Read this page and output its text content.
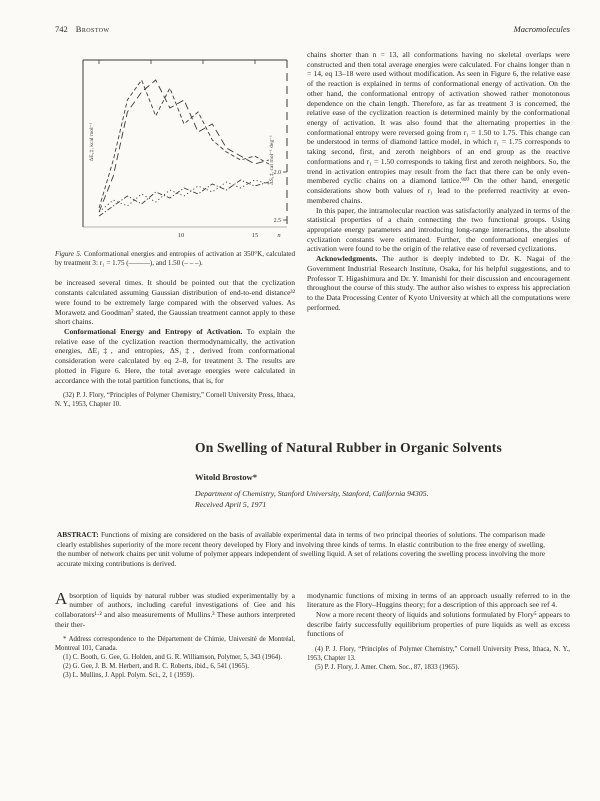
742 Brostow	Macromolecules
10	15	n
2.0
2.5
ΔE₁‡, kcal mol⁻¹	ΔS₁‡, cal mol⁻¹ deg⁻¹
Figure 5. Conformational energies and entropies of activation at 350°K, calculated by treatment 3: r₁ = 1.75 (———), and 1.50 (– – –).

be increased several times. It should be pointed out that the cyclization constants calculated assuming Gaussian distribution of end-to-end distance³² were found to be extremely large compared with the observed values. As Morawetz and Goodman⁷ stated, the Gaussian treatment cannot apply to these short chains.

Conformational Energy and Entropy of Activation. To explain the relative ease of the cyclization reaction thermodynamically, the activation energies, ΔE₁‡, and entropies, ΔS₁‡, derived from conformational consideration were calculated by eq 2–8, for treatment 3. The results are plotted in Figure 6. Here, the total average energies were calculated in accordance with the total partition functions, that is, for

(32) P. J. Flory, “Principles of Polymer Chemistry,” Cornell University Press, Ithaca, N. Y., 1953, Chapter 10.

chains shorter than n = 13, all conformations having no skeletal overlaps were constructed and then total average energies were calculated. For chains longer than n = 14, eq 13–18 were used without modification. As seen in Figure 6, the relative ease of the reaction is explained in terms of conformational energy of activation. On the other hand, the conformational entropy of activation showed rather monotonous dependence on the chain length. Therefore, as far as treatment 3 is concerned, the relative ease of the cyclization reaction is determined mainly by the conformational energy of activation. It was also found that the alternating properties in the conformational entropy were reversed going from r₁ = 1.50 to 1.75. This change can be understood in terms of diamond lattice model, in which r₁ = 1.75 corresponds to taking second, first, and zeroth neighbors of an end group as the reactive conformations and r₁ = 1.50 corresponds to taking first and zeroth neighbors. So, the trend in activation entropies may result from the fact that there can be only even-membered cyclic chains on a diamond lattice.⁹¹⁰ On the other hand, energetic considerations show both values of r₁ lead to the preferred reactivity at even-membered chains.

In this paper, the intramolecular reaction was satisfactorily analyzed in terms of the statistical properties of a chain connecting the two functional groups. Using appropriate energy parameters and introducing long-range interactions, the absolute cyclization constants were estimated. Further, the conformational energies of activation were found to be the origin of the relative ease of reversed cyclizations.

Acknowledgments. The author is deeply indebted to Dr. K. Nagai of the Government Industrial Research Institute, Osaka, for his helpful suggestions, and to Professor T. Higashimura and Dr. Y. Imanishi for their discussion and encouragement throughout the course of this study. The author also wishes to express his appreciation to the Data Processing Center of Kyoto University at which all the computations were performed.

On Swelling of Natural Rubber in Organic Solvents
Witold Brostow*
Department of Chemistry, Stanford University, Stanford, California 94305.
Received April 5, 1971
ABSTRACT: Functions of mixing are considered on the basis of available experimental data in terms of two principal theories of solutions. The comparison made clearly establishes superiority of the more recent theory developed by Flory and involving three kinds of terms. In elastic contribution to the free energy of swelling, the number of network chains per unit volume of polymer appears independent of swelling liquid. A set of relations covering the swelling process involving the more accurate mixing contributions is derived.

Absorption of liquids by natural rubber was studied experimentally by a number of authors, including careful investigations of Gee and his collaborators¹·² and also measurements of Mullins.³ These authors interpreted their ther-

* Address correspondence to the Département de Chimie, Université de Montréal, Montreal 101, Canada.

(1) C. Booth, G. Gee, G. Holden, and G. R. Williamson, Polymer, 5, 343 (1964).

(2) G. Gee, J. B. M. Herbert, and R. C. Roberts, ibid., 6, 541 (1965).

(3) L. Mullins, J. Appl. Polym. Sci., 2, 1 (1959).

modynamic functions of mixing in terms of an approach usually referred to in the literature as the Flory–Huggins theory; for a description of this approach see ref 4.

Now a more recent theory of liquids and solutions formulated by Flory⁵ appears to describe fairly successfully equilibrium properties of pure liquids as well as excess functions of

(4) P. J. Flory, “Principles of Polymer Chemistry,” Cornell University Press, Ithaca, N. Y., 1953, Chapter 13.

(5) P. J. Flory, J. Amer. Chem. Soc., 87, 1833 (1965).
